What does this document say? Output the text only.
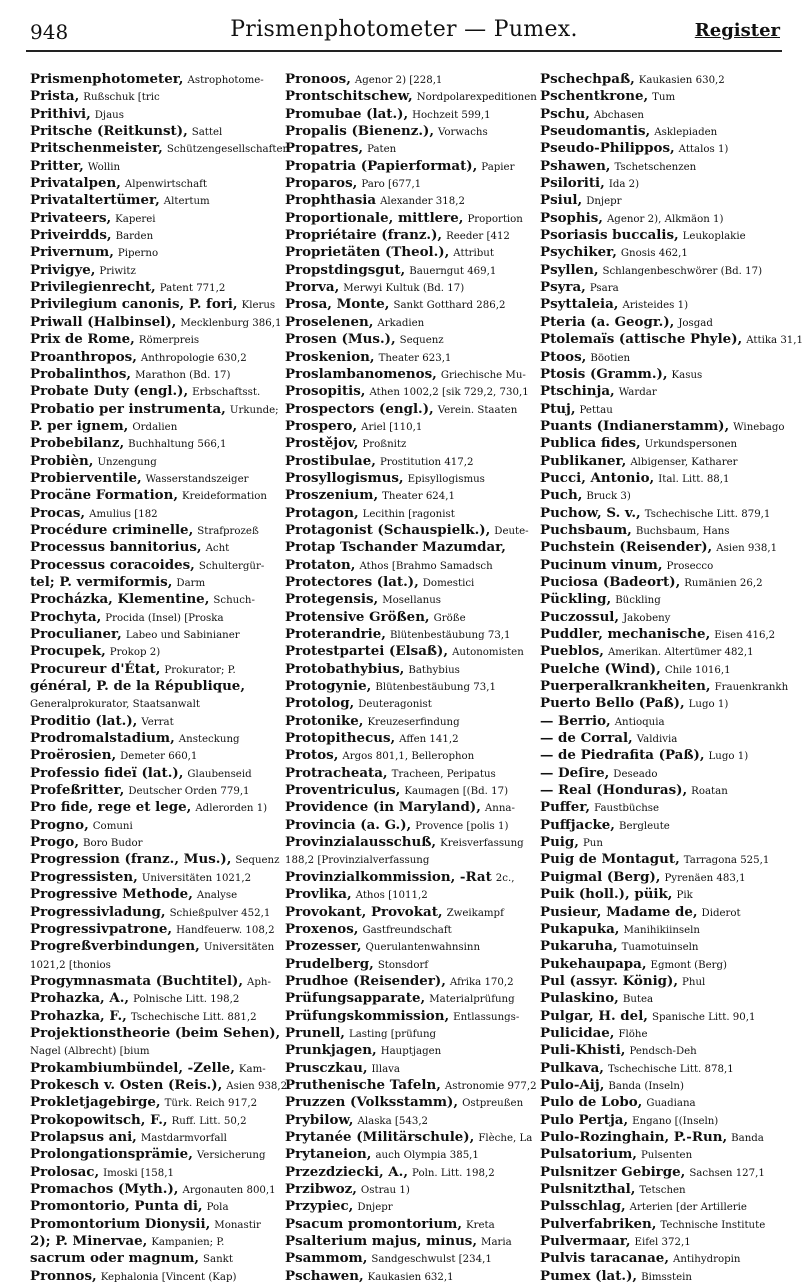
948	Prismenphotometer — Pumex.	Register
Prismenphotometer, Astrophotome-
Prista, Rußschuk [tric
Prithivi, Djaus
Pritsche (Reitkunst), Sattel
Pritschenmeister, Schützengesellschaften
Pritter, Wollin
Privatalpen, Alpenwirtschaft
Privataltertümer, Altertum
Privateers, Kaperei
Priveirdds, Barden
Privernum, Piperno
Privigye, Priwitz
Privilegienrecht, Patent 771,2
Privilegium canonis, P. fori, Klerus
Priwall (Halbinsel), Mecklenburg 386,1
Prix de Rome, Römerpreis
Proanthropos, Anthropologie 630,2
Probalinthos, Marathon (Bd. 17)
Probate Duty (engl.), Erbschaftsst.
Probatio per instrumenta, Urkunde;
P. per ignem, Ordalien
Probebilanz, Buchhaltung 566,1
Probièn, Unzengung
Probierventile, Wasserstandszeiger
Procäne Formation, Kreideformation
Procas, Amulius [182
Procédure criminelle, Strafprozeß
Processus bannitorius, Acht
Processus coracoides, Schultergür-
tel; P. vermiformis, Darm
Procházka, Klementine, Schuch-
Prochyta, Procida (Insel) [Proska
Proculianer, Labeo und Sabinianer
Procupek, Prokop 2)
Procureur d'État, Prokurator; P.
général, P. de la République,
Generalprokurator, Staatsanwalt
Proditio (lat.), Verrat
Prodromalstadium, Ansteckung
Proërosien, Demeter 660,1
Professio fideï (lat.), Glaubenseid
Profeßritter, Deutscher Orden 779,1
Pro fide, rege et lege, Adlerorden 1)
Progno, Comuni
Progo, Boro Budor
Progression (franz., Mus.), Sequenz
Progressisten, Universitäten 1021,2
Progressive Methode, Analyse
Progressivladung, Schießpulver 452,1
Progressivpatrone, Handfeuerw. 108,2
Progreßverbindungen, Universitäten
1021,2 [thonios
Progymnasmata (Buchtitel), Aph-
Prohazka, A., Polnische Litt. 198,2
Prohazka, F., Tschechische Litt. 881,2
Projektionstheorie (beim Sehen),
Nagel (Albrecht) [bium
Prokambiumbündel, -Zelle, Kam-
Prokesch v. Osten (Reis.), Asien 938,2
Prokletjagebirge, Türk. Reich 917,2
Prokopowitsch, F., Ruff. Litt. 50,2
Prolapsus ani, Mastdarmvorfall
Prolongationsprämie, Versicherung
Prolosac, Imoski [158,1
Promachos (Myth.), Argonauten 800,1
Promontorio, Punta di, Pola
Promontorium Dionysii, Monastir
2); P. Minervae, Kampanien; P.
sacrum oder magnum, Sankt
Pronnos, Kephalonia [Vincent (Kap)
Pronoos, Agenor 2) [228,1
Prontschitschew, Nordpolarexpeditionen
Promubae (lat.), Hochzeit 599,1
Propalis (Bienenz.), Vorwachs
Propatres, Paten
Propatria (Papierformat), Papier
Proparos, Paro [677,1
Prophthasia Alexander 318,2
Proportionale, mittlere, Proportion
Propriétaire (franz.), Reeder [412
Proprietäten (Theol.), Attribut
Propstdingsgut, Bauerngut 469,1
Prorva, Merwyi Kultuk (Bd. 17)
Prosa, Monte, Sankt Gotthard 286,2
Proselenen, Arkadien
Prosen (Mus.), Sequenz
Proskenion, Theater 623,1
Proslambanomenos, Griechische Mu-
Prosopitis, Athen 1002,2 [sik 729,2, 730,1
Prospectors (engl.), Verein. Staaten
Prospero, Ariel [110,1
Prostějov, Proßnitz
Prostibulae, Prostitution 417,2
Prosyllogismus, Episyllogismus
Proszenium, Theater 624,1
Protagon, Lecithin [ragonist
Protagonist (Schauspielk.), Deute-
Protap Tschander Mazumdar,
Protaton, Athos [Brahmo Samadsch
Protectores (lat.), Domestici
Protegensis, Mosellanus
Protensive Größen, Größe
Proterandrie, Blütenbestäubung 73,1
Protestpartei (Elsaß), Autonomisten
Protobathybius, Bathybius
Protogynie, Blütenbestäubung 73,1
Protolog, Deuteragonist
Protonike, Kreuzeserfindung
Protopithecus, Affen 141,2
Protos, Argos 801,1, Bellerophon
Protracheata, Tracheen, Peripatus
Proventriculus, Kaumagen [(Bd. 17)
Providence (in Maryland), Anna-
Provincia (a. G.), Provence [polis 1)
Provinzialausschuß, Kreisverfassung
188,2 [Provinzialverfassung
Provinzialkommission, -Rat 2c.,
Provlika, Athos [1011,2
Provokant, Provokat, Zweikampf
Proxenos, Gastfreundschaft
Prozesser, Querulantenwahnsinn
Prudelberg, Stonsdorf
Prudhoe (Reisender), Afrika 170,2
Prüfungsapparate, Materialprüfung
Prüfungskommission, Entlassungs-
Prunell, Lasting [prüfung
Prunkjagen, Hauptjagen
Prusczkau, Illava
Pruthenische Tafeln, Astronomie 977,2
Pruzzen (Volksstamm), Ostpreußen
Prybilow, Alaska [543,2
Prytanée (Militärschule), Flèche, La
Prytaneion, auch Olympia 385,1
Przezdziecki, A., Poln. Litt. 198,2
Przibwoz, Ostrau 1)
Przypiec, Dnjepr
Psacum promontorium, Kreta
Psalterium majus, minus, Maria
Psammom, Sandgeschwulst [234,1
Pschawen, Kaukasien 632,1
Pschechpaß, Kaukasien 630,2
Pschentkrone, Tum
Pschu, Abchasen
Pseudomantis, Asklepiaden
Pseudo-Philippos, Attalos 1)
Pshawen, Tschetschenzen
Psiloriti, Ida 2)
Psiul, Dnjepr
Psophis, Agenor 2), Alkmäon 1)
Psoriasis buccalis, Leukoplakie
Psychiker, Gnosis 462,1
Psyllen, Schlangenbeschwörer (Bd. 17)
Psyra, Psara
Psyttaleia, Aristeides 1)
Pteria (a. Geogr.), Josgad
Ptolemaïs (attische Phyle), Attika 31,1
Ptoos, Böotien
Ptosis (Gramm.), Kasus
Ptschinja, Wardar
Ptuj, Pettau
Puants (Indianerstamm), Winebago
Publica fides, Urkundspersonen
Publikaner, Albigenser, Katharer
Pucci, Antonio, Ital. Litt. 88,1
Puch, Bruck 3)
Puchow, S. v., Tschechische Litt. 879,1
Puchsbaum, Buchsbaum, Hans
Puchstein (Reisender), Asien 938,1
Pucinum vinum, Prosecco
Puciosa (Badeort), Rumänien 26,2
Pückling, Bückling
Puczossul, Jakobeny
Puddler, mechanische, Eisen 416,2
Pueblos, Amerikan. Altertümer 482,1
Puelche (Wind), Chile 1016,1
Puerperalkrankheiten, Frauenkrankh
Puerto Bello (Paß), Lugo 1)
— Berrio, Antioquia
— de Corral, Valdivia
— de Piedrafita (Paß), Lugo 1)
— Deſire, Deseado
— Real (Honduras), Roatan
Puffer, Faustbüchse
Puffjacke, Bergleute
Puig, Pun
Puig de Montagut, Tarragona 525,1
Puigmal (Berg), Pyrenäen 483,1
Puik (holl.), püik, Pik
Pusieur, Madame de, Diderot
Pukapuka, Manihikiinseln
Pukaruha, Tuamotuinseln
Pukehaupapa, Egmont (Berg)
Pul (assyr. König), Phul
Pulaskino, Butea
Pulgar, H. del, Spanische Litt. 90,1
Pulicidae, Flöhe
Puli-Khisti, Pendsch-Deh
Pulkava, Tschechische Litt. 878,1
Pulo-Aij, Banda (Inseln)
Pulo de Lobo, Guadiana
Pulo Pertja, Engano [(Inseln)
Pulo-Rozinghain, P.-Run, Banda
Pulsatorium, Pulsenten
Pulsnitzer Gebirge, Sachsen 127,1
Pulsnitzthal, Tetschen
Pulsschlag, Arterien [der Artillerie
Pulverfabriken, Technische Institute
Pulvermaar, Eifel 372,1
Pulvis taracanae, Antihydropin
Pumex (lat.), Bimsstein
